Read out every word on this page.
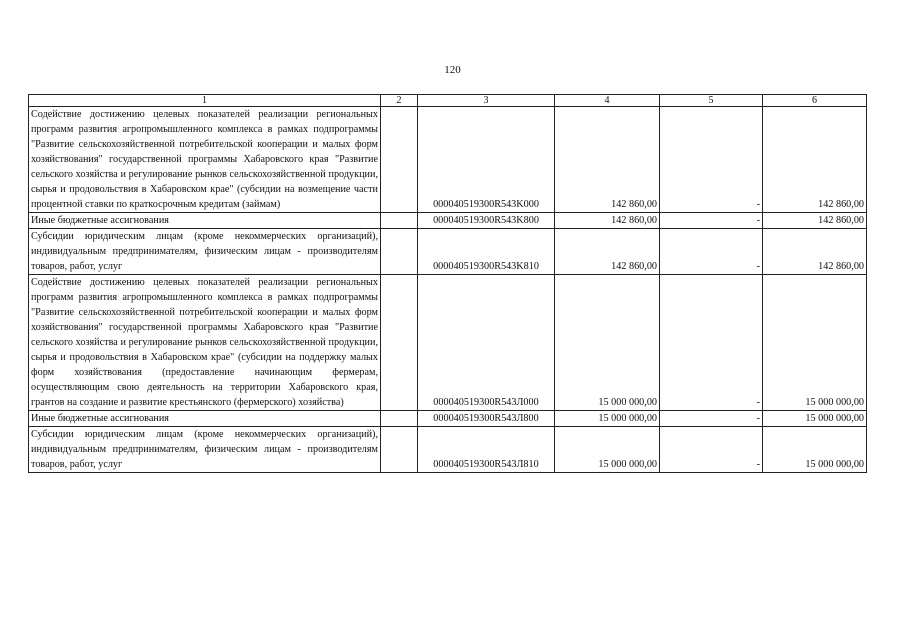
120
1	2	3	4	5	6
Содействие достижению целевых показателей реализации региональных программ развития агропромышленного комплекса в рамках подпрограммы "Развитие сельскохозяйственной потребительской кооперации и малых форм хозяйствования" государственной программы Хабаровского края "Развитие сельского хозяйства и регулирование рынков сельскохозяйственной продукции, сырья и продовольствия в Хабаровском крае" (субсидии на возмещение части процентной ставки по краткосрочным кредитам (займам)		000040519300R543K000	142 860,00	-	142 860,00
Иные бюджетные ассигнования		000040519300R543K800	142 860,00	-	142 860,00
Субсидии юридическим лицам (кроме некоммерческих организаций), индивидуальным предпринимателям, физическим лицам - производителям товаров, работ, услуг		000040519300R543K810	142 860,00	-	142 860,00
Содействие достижению целевых показателей реализации региональных программ развития агропромышленного комплекса в рамках подпрограммы "Развитие сельскохозяйственной потребительской кооперации и малых форм хозяйствования" государственной программы Хабаровского края "Развитие сельского хозяйства и регулирование рынков сельскохозяйственной продукции, сырья и продовольствия в Хабаровском крае" (субсидии на поддержку малых форм хозяйствования (предоставление начинающим фермерам, осуществляющим свою деятельность на территории Хабаровского края, грантов на создание и развитие крестьянского (фермерского) хозяйства)		000040519300R543Л000	15 000 000,00	-	15 000 000,00
Иные бюджетные ассигнования		000040519300R543Л800	15 000 000,00	-	15 000 000,00
Субсидии юридическим лицам (кроме некоммерческих организаций), индивидуальным предпринимателям, физическим лицам - производителям товаров, работ, услуг		000040519300R543Л810	15 000 000,00	-	15 000 000,00
